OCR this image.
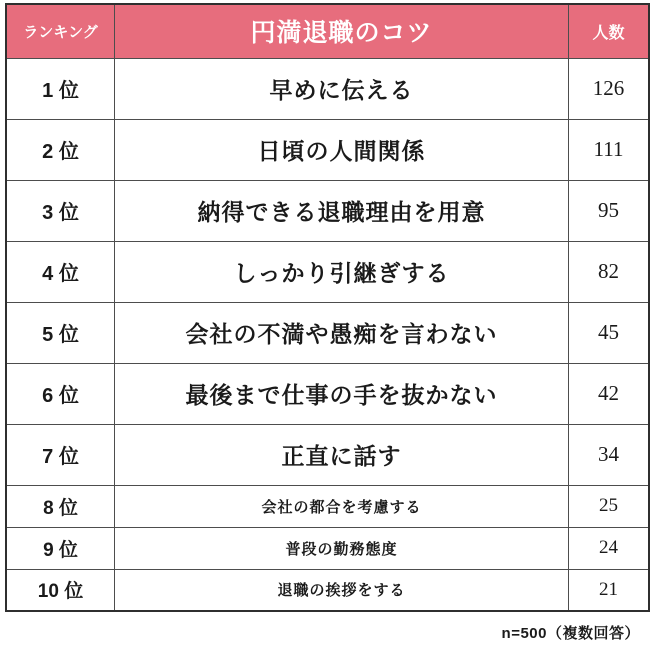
ランキング	円満退職のコツ	人数
1 位	早めに伝える	126
2 位	日頃の人間関係	111
3 位	納得できる退職理由を用意	95
4 位	しっかり引継ぎする	82
5 位	会社の不満や愚痴を言わない	45
6 位	最後まで仕事の手を抜かない	42
7 位	正直に話す	34
8 位	会社の都合を考慮する	25
9 位	普段の勤務態度	24
10 位	退職の挨拶をする	21
n=500（複数回答）
